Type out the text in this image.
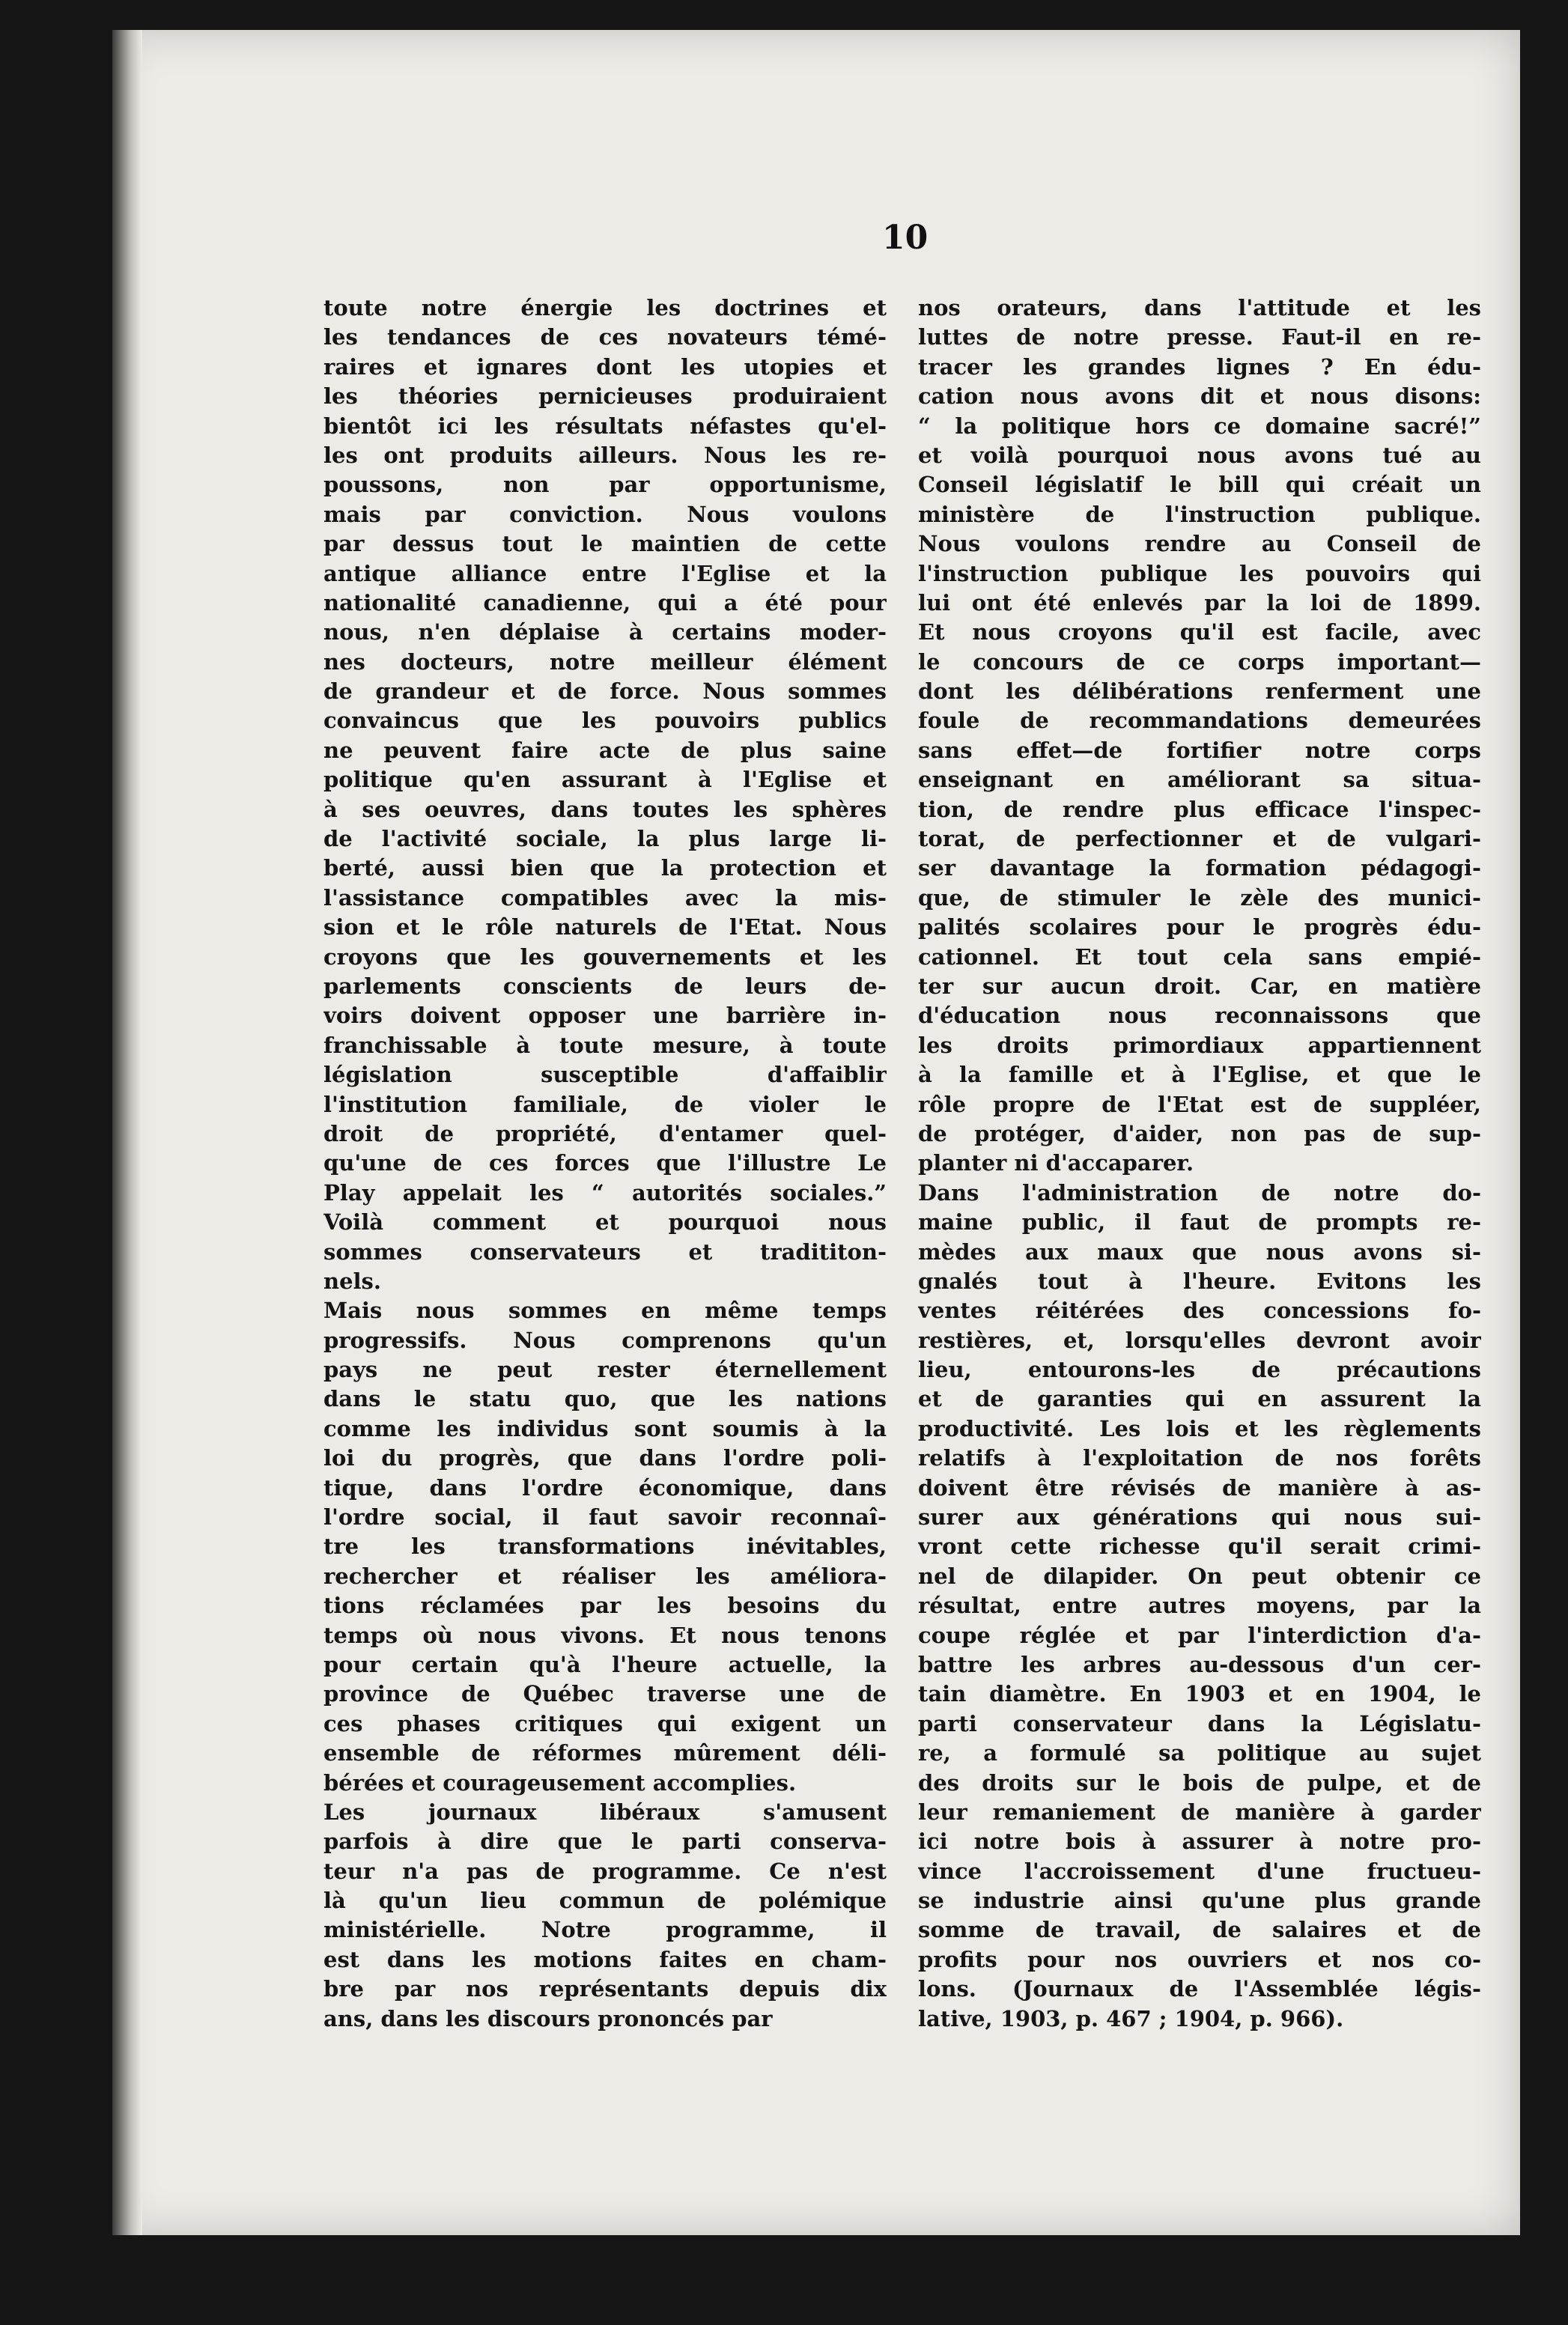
10
toute notre énergie les doctrines et
les tendances de ces novateurs témé-
raires et ignares dont les utopies et
les théories pernicieuses produiraient
bientôt ici les résultats néfastes qu'el-
les ont produits ailleurs. Nous les re-
poussons, non par opportunisme,
mais par conviction. Nous voulons
par dessus tout le maintien de cette
antique alliance entre l'Eglise et la
nationalité canadienne, qui a été pour
nous, n'en déplaise à certains moder-
nes docteurs, notre meilleur élément
de grandeur et de force. Nous sommes
convaincus que les pouvoirs publics
ne peuvent faire acte de plus saine
politique qu'en assurant à l'Eglise et
à ses oeuvres, dans toutes les sphères
de l'activité sociale, la plus large li-
berté, aussi bien que la protection et
l'assistance compatibles avec la mis-
sion et le rôle naturels de l'Etat. Nous
croyons que les gouvernements et les
parlements conscients de leurs de-
voirs doivent opposer une barrière in-
franchissable à toute mesure, à toute
législation susceptible d'affaiblir
l'institution familiale, de violer le
droit de propriété, d'entamer quel-
qu'une de ces forces que l'illustre Le
Play appelait les “ autorités sociales.”
Voilà comment et pourquoi nous
sommes conservateurs et tradititon-
nels.
Mais nous sommes en même temps
progressifs. Nous comprenons qu'un
pays ne peut rester éternellement
dans le statu quo, que les nations
comme les individus sont soumis à la
loi du progrès, que dans l'ordre poli-
tique, dans l'ordre économique, dans
l'ordre social, il faut savoir reconnaî-
tre les transformations inévitables,
rechercher et réaliser les améliora-
tions réclamées par les besoins du
temps où nous vivons. Et nous tenons
pour certain qu'à l'heure actuelle, la
province de Québec traverse une de
ces phases critiques qui exigent un
ensemble de réformes mûrement déli-
bérées et courageusement accomplies.
Les journaux libéraux s'amusent
parfois à dire que le parti conserva-
teur n'a pas de programme. Ce n'est
là qu'un lieu commun de polémique
ministérielle. Notre programme, il
est dans les motions faites en cham-
bre par nos représentants depuis dix
ans, dans les discours prononcés par
nos orateurs, dans l'attitude et les
luttes de notre presse. Faut-il en re-
tracer les grandes lignes ? En édu-
cation nous avons dit et nous disons:
“ la politique hors ce domaine sacré!”
et voilà pourquoi nous avons tué au
Conseil législatif le bill qui créait un
ministère de l'instruction publique.
Nous voulons rendre au Conseil de
l'instruction publique les pouvoirs qui
lui ont été enlevés par la loi de 1899.
Et nous croyons qu'il est facile, avec
le concours de ce corps important—
dont les délibérations renferment une
foule de recommandations demeurées
sans effet—de fortifier notre corps
enseignant en améliorant sa situa-
tion, de rendre plus efficace l'inspec-
torat, de perfectionner et de vulgari-
ser davantage la formation pédagogi-
que, de stimuler le zèle des munici-
palités scolaires pour le progrès édu-
cationnel. Et tout cela sans empié-
ter sur aucun droit. Car, en matière
d'éducation nous reconnaissons que
les droits primordiaux appartiennent
à la famille et à l'Eglise, et que le
rôle propre de l'Etat est de suppléer,
de protéger, d'aider, non pas de sup-
planter ni d'accaparer.
Dans l'administration de notre do-
maine public, il faut de prompts re-
mèdes aux maux que nous avons si-
gnalés tout à l'heure. Evitons les
ventes réitérées des concessions fo-
restières, et, lorsqu'elles devront avoir
lieu, entourons-les de précautions
et de garanties qui en assurent la
productivité. Les lois et les règlements
relatifs à l'exploitation de nos forêts
doivent être révisés de manière à as-
surer aux générations qui nous sui-
vront cette richesse qu'il serait crimi-
nel de dilapider. On peut obtenir ce
résultat, entre autres moyens, par la
coupe réglée et par l'interdiction d'a-
battre les arbres au-dessous d'un cer-
tain diamètre. En 1903 et en 1904, le
parti conservateur dans la Législatu-
re, a formulé sa politique au sujet
des droits sur le bois de pulpe, et de
leur remaniement de manière à garder
ici notre bois à assurer à notre pro-
vince l'accroissement d'une fructueu-
se industrie ainsi qu'une plus grande
somme de travail, de salaires et de
profits pour nos ouvriers et nos co-
lons. (Journaux de l'Assemblée légis-
lative, 1903, p. 467 ; 1904, p. 966).
